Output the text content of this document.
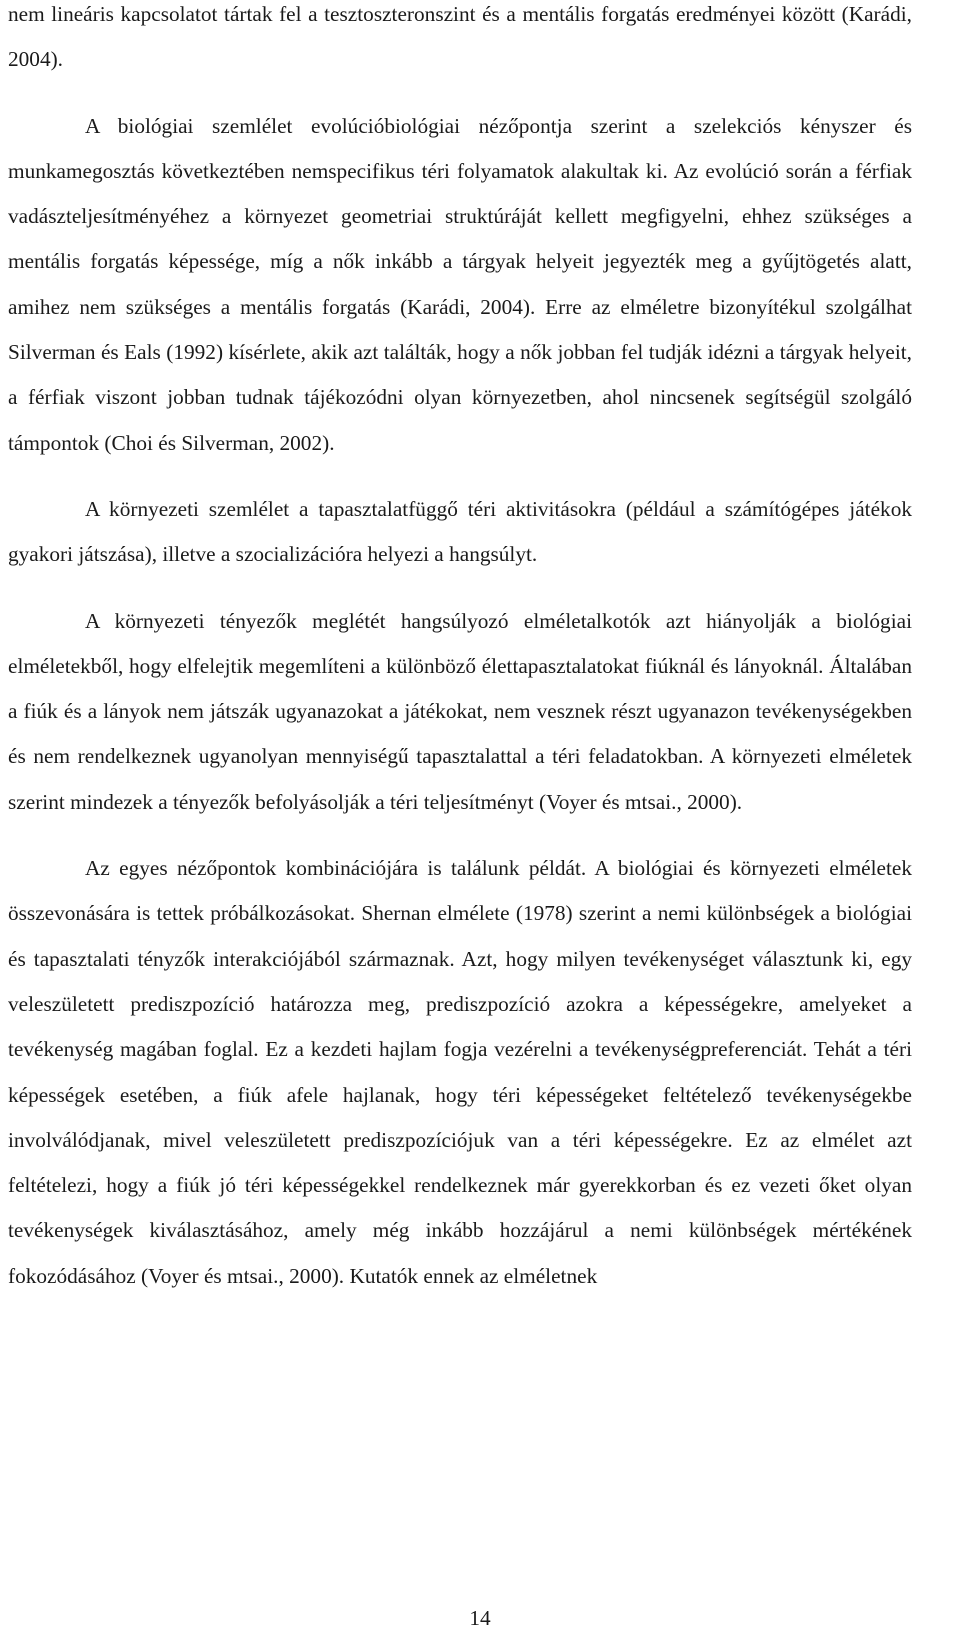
nem lineáris kapcsolatot tártak fel a tesztoszteronszint és a mentális forgatás eredményei között (Karádi, 2004).

A biológiai szemlélet evolúcióbiológiai nézőpontja szerint a szelekciós kényszer és munkamegosztás következtében nemspecifikus téri folyamatok alakultak ki. Az evolúció során a férfiak vadászteljesítményéhez a környezet geometriai struktúráját kellett megfigyelni, ehhez szükséges a mentális forgatás képessége, míg a nők inkább a tárgyak helyeit jegyezték meg a gyűjtögetés alatt, amihez nem szükséges a mentális forgatás (Karádi, 2004). Erre az elméletre bizonyítékul szolgálhat Silverman és Eals (1992) kísérlete, akik azt találták, hogy a nők jobban fel tudják idézni a tárgyak helyeit, a férfiak viszont jobban tudnak tájékozódni olyan környezetben, ahol nincsenek segítségül szolgáló támpontok (Choi és Silverman, 2002).

A környezeti szemlélet a tapasztalatfüggő téri aktivitásokra (például a számítógépes játékok gyakori játszása), illetve a szocializációra helyezi a hangsúlyt.

A környezeti tényezők meglétét hangsúlyozó elméletalkotók azt hiányolják a biológiai elméletekből, hogy elfelejtik megemlíteni a különböző élettapasztalatokat fiúknál és lányoknál. Általában a fiúk és a lányok nem játszák ugyanazokat a játékokat, nem vesznek részt ugyanazon tevékenységekben és nem rendelkeznek ugyanolyan mennyiségű tapasztalattal a téri feladatokban. A környezeti elméletek szerint mindezek a tényezők befolyásolják a téri teljesítményt (Voyer és mtsai., 2000).

Az egyes nézőpontok kombinációjára is találunk példát. A biológiai és környezeti elméletek összevonására is tettek próbálkozásokat. Shernan elmélete (1978) szerint a nemi különbségek a biológiai és tapasztalati tényzők interakciójából származnak. Azt, hogy milyen tevékenységet választunk ki, egy veleszületett prediszpozíció határozza meg, prediszpozíció azokra a képességekre, amelyeket a tevékenység magában foglal. Ez a kezdeti hajlam fogja vezérelni a tevékenységpreferenciát. Tehát a téri képességek esetében, a fiúk afele hajlanak, hogy téri képességeket feltételező tevékenységekbe involválódjanak, mivel veleszületett prediszpozíciójuk van a téri képességekre. Ez az elmélet azt feltételezi, hogy a fiúk jó téri képességekkel rendelkeznek már gyerekkorban és ez vezeti őket olyan tevékenységek kiválasztásához, amely még inkább hozzájárul a nemi különbségek mértékének fokozódásához (Voyer és mtsai., 2000). Kutatók ennek az elméletnek

14
